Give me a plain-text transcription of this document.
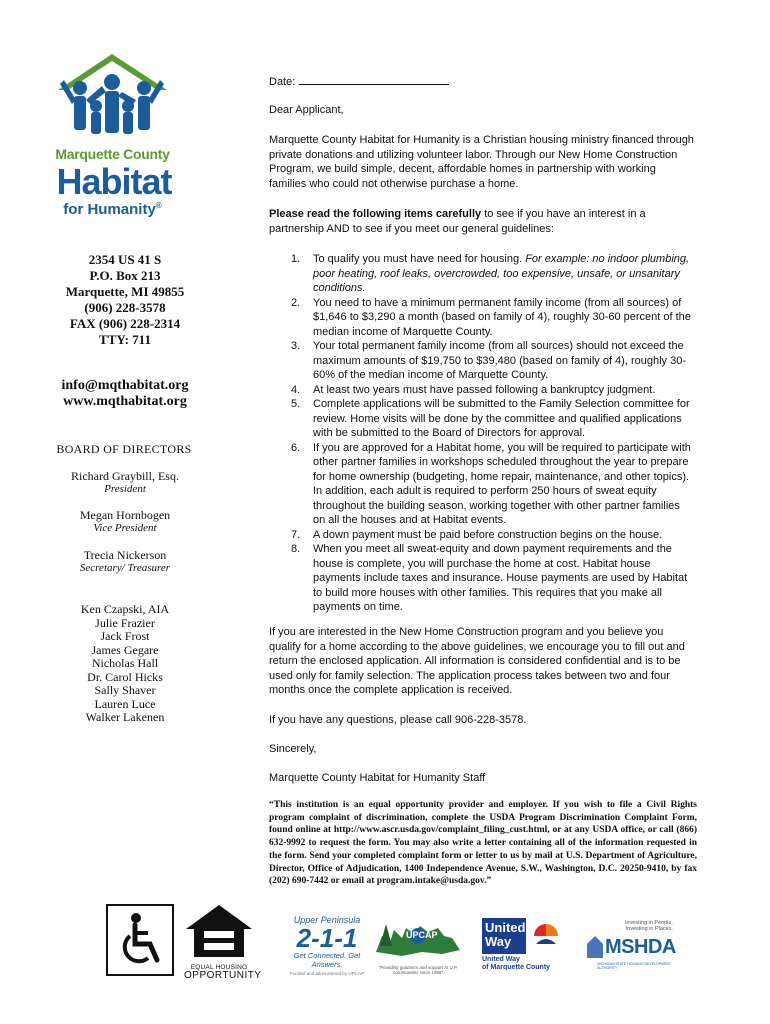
Marquette County
Habitat
for Humanity®
2354 US 41 S
P.O. Box 213
Marquette, MI 49855
(906) 228-3578
FAX (906) 228-2314
TTY: 711
info@mqthabitat.org
www.mqthabitat.org
BOARD OF DIRECTORS
Richard Graybill, Esq.
President
Megan Hornbogen
Vice President
Trecia Nickerson
Secretary/ Treasurer
Ken Czapski, AIA
Julie Frazier
Jack Frost
James Gegare
Nicholas Hall
Dr. Carol Hicks
Sally Shaver
Lauren Luce
Walker Lakenen
Date:
Dear Applicant,
Marquette County Habitat for Humanity is a Christian housing ministry financed through private donations and utilizing volunteer labor. Through our New Home Construction Program, we build simple, decent, affordable homes in partnership with working families who could not otherwise purchase a home.
Please read the following items carefully to see if you have an interest in a partnership AND to see if you meet our general guidelines:
1. To qualify you must have need for housing. For example: no indoor plumbing, poor heating, roof leaks, overcrowded, too expensive, unsafe, or unsanitary conditions.
2. You need to have a minimum permanent family income (from all sources) of $1,646 to $3,290 a month (based on family of 4), roughly 30-60 percent of the median income of Marquette County.
3. Your total permanent family income (from all sources) should not exceed the maximum amounts of $19,750 to $39,480 (based on family of 4), roughly 30-60% of the median income of Marquette County.
4. At least two years must have passed following a bankruptcy judgment.
5. Complete applications will be submitted to the Family Selection committee for review. Home visits will be done by the committee and qualified applications with be submitted to the Board of Directors for approval.
6. If you are approved for a Habitat home, you will be required to participate with other partner families in workshops scheduled throughout the year to prepare for home ownership (budgeting, home repair, maintenance, and other topics). In addition, each adult is required to perform 250 hours of sweat equity throughout the building season, working together with other partner families on all the houses and at Habitat events.
7. A down payment must be paid before construction begins on the house.
8. When you meet all sweat-equity and down payment requirements and the house is complete, you will purchase the home at cost. Habitat house payments include taxes and insurance. House payments are used by Habitat to build more houses with other families. This requires that you make all payments on time.
If you are interested in the New Home Construction program and you believe you qualify for a home according to the above guidelines, we encourage you to fill out and return the enclosed application. All information is considered confidential and is to be used only for family selection. The application process takes between two and four months once the complete application is received.
If you have any questions, please call 906-228-3578.
Sincerely,
Marquette County Habitat for Humanity Staff
“This institution is an equal opportunity provider and employer. If you wish to file a Civil Rights program complaint of discrimination, complete the USDA Program Discrimination Complaint Form, found online at http://www.ascr.usda.gov/complaint_filing_cust.html, or at any USDA office, or call (866) 632-9992 to request the form. You may also write a letter containing all of the information requested in the form. Send your completed complaint form or letter to us by mail at U.S. Department of Agriculture, Director, Office of Adjudication, 1400 Independence Avenue, S.W., Washington, D.C. 20250-9410, by fax (202) 690-7442 or email at program.intake@usda.gov.”
EQUAL HOUSING
OPPORTUNITY
Upper Peninsula
2-1-1
Get Connected. Get Answers.
Funded and administered by UPCAP
UPCAP
“Providing guidance and support to U.P. communities since 1968”
United
Way
United Way
of Marquette County
Investing in People.
Investing in Places.
MSHDA
MICHIGAN STATE HOUSING DEVELOPMENT AUTHORITY
